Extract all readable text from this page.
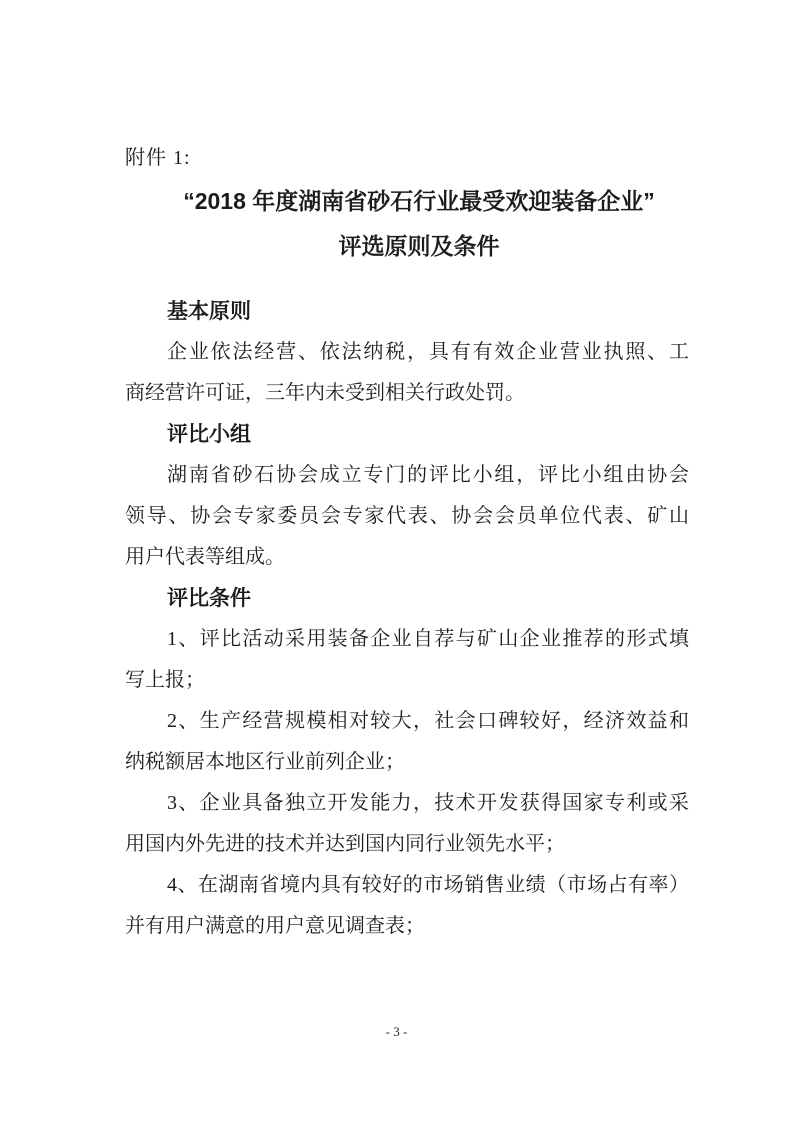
附件 1:
“2018 年度湖南省砂石行业最受欢迎装备企业”
评选原则及条件
基本原则
企业依法经营、依法纳税，具有有效企业营业执照、工
商经营许可证，三年内未受到相关行政处罚。
评比小组
湖南省砂石协会成立专门的评比小组，评比小组由协会
领导、协会专家委员会专家代表、协会会员单位代表、矿山
用户代表等组成。
评比条件
1、评比活动采用装备企业自荐与矿山企业推荐的形式填
写上报；
2、生产经营规模相对较大，社会口碑较好，经济效益和
纳税额居本地区行业前列企业；
3、企业具备独立开发能力，技术开发获得国家专利或采
用国内外先进的技术并达到国内同行业领先水平；
4、在湖南省境内具有较好的市场销售业绩（市场占有率）
并有用户满意的用户意见调查表；
- 3 -
